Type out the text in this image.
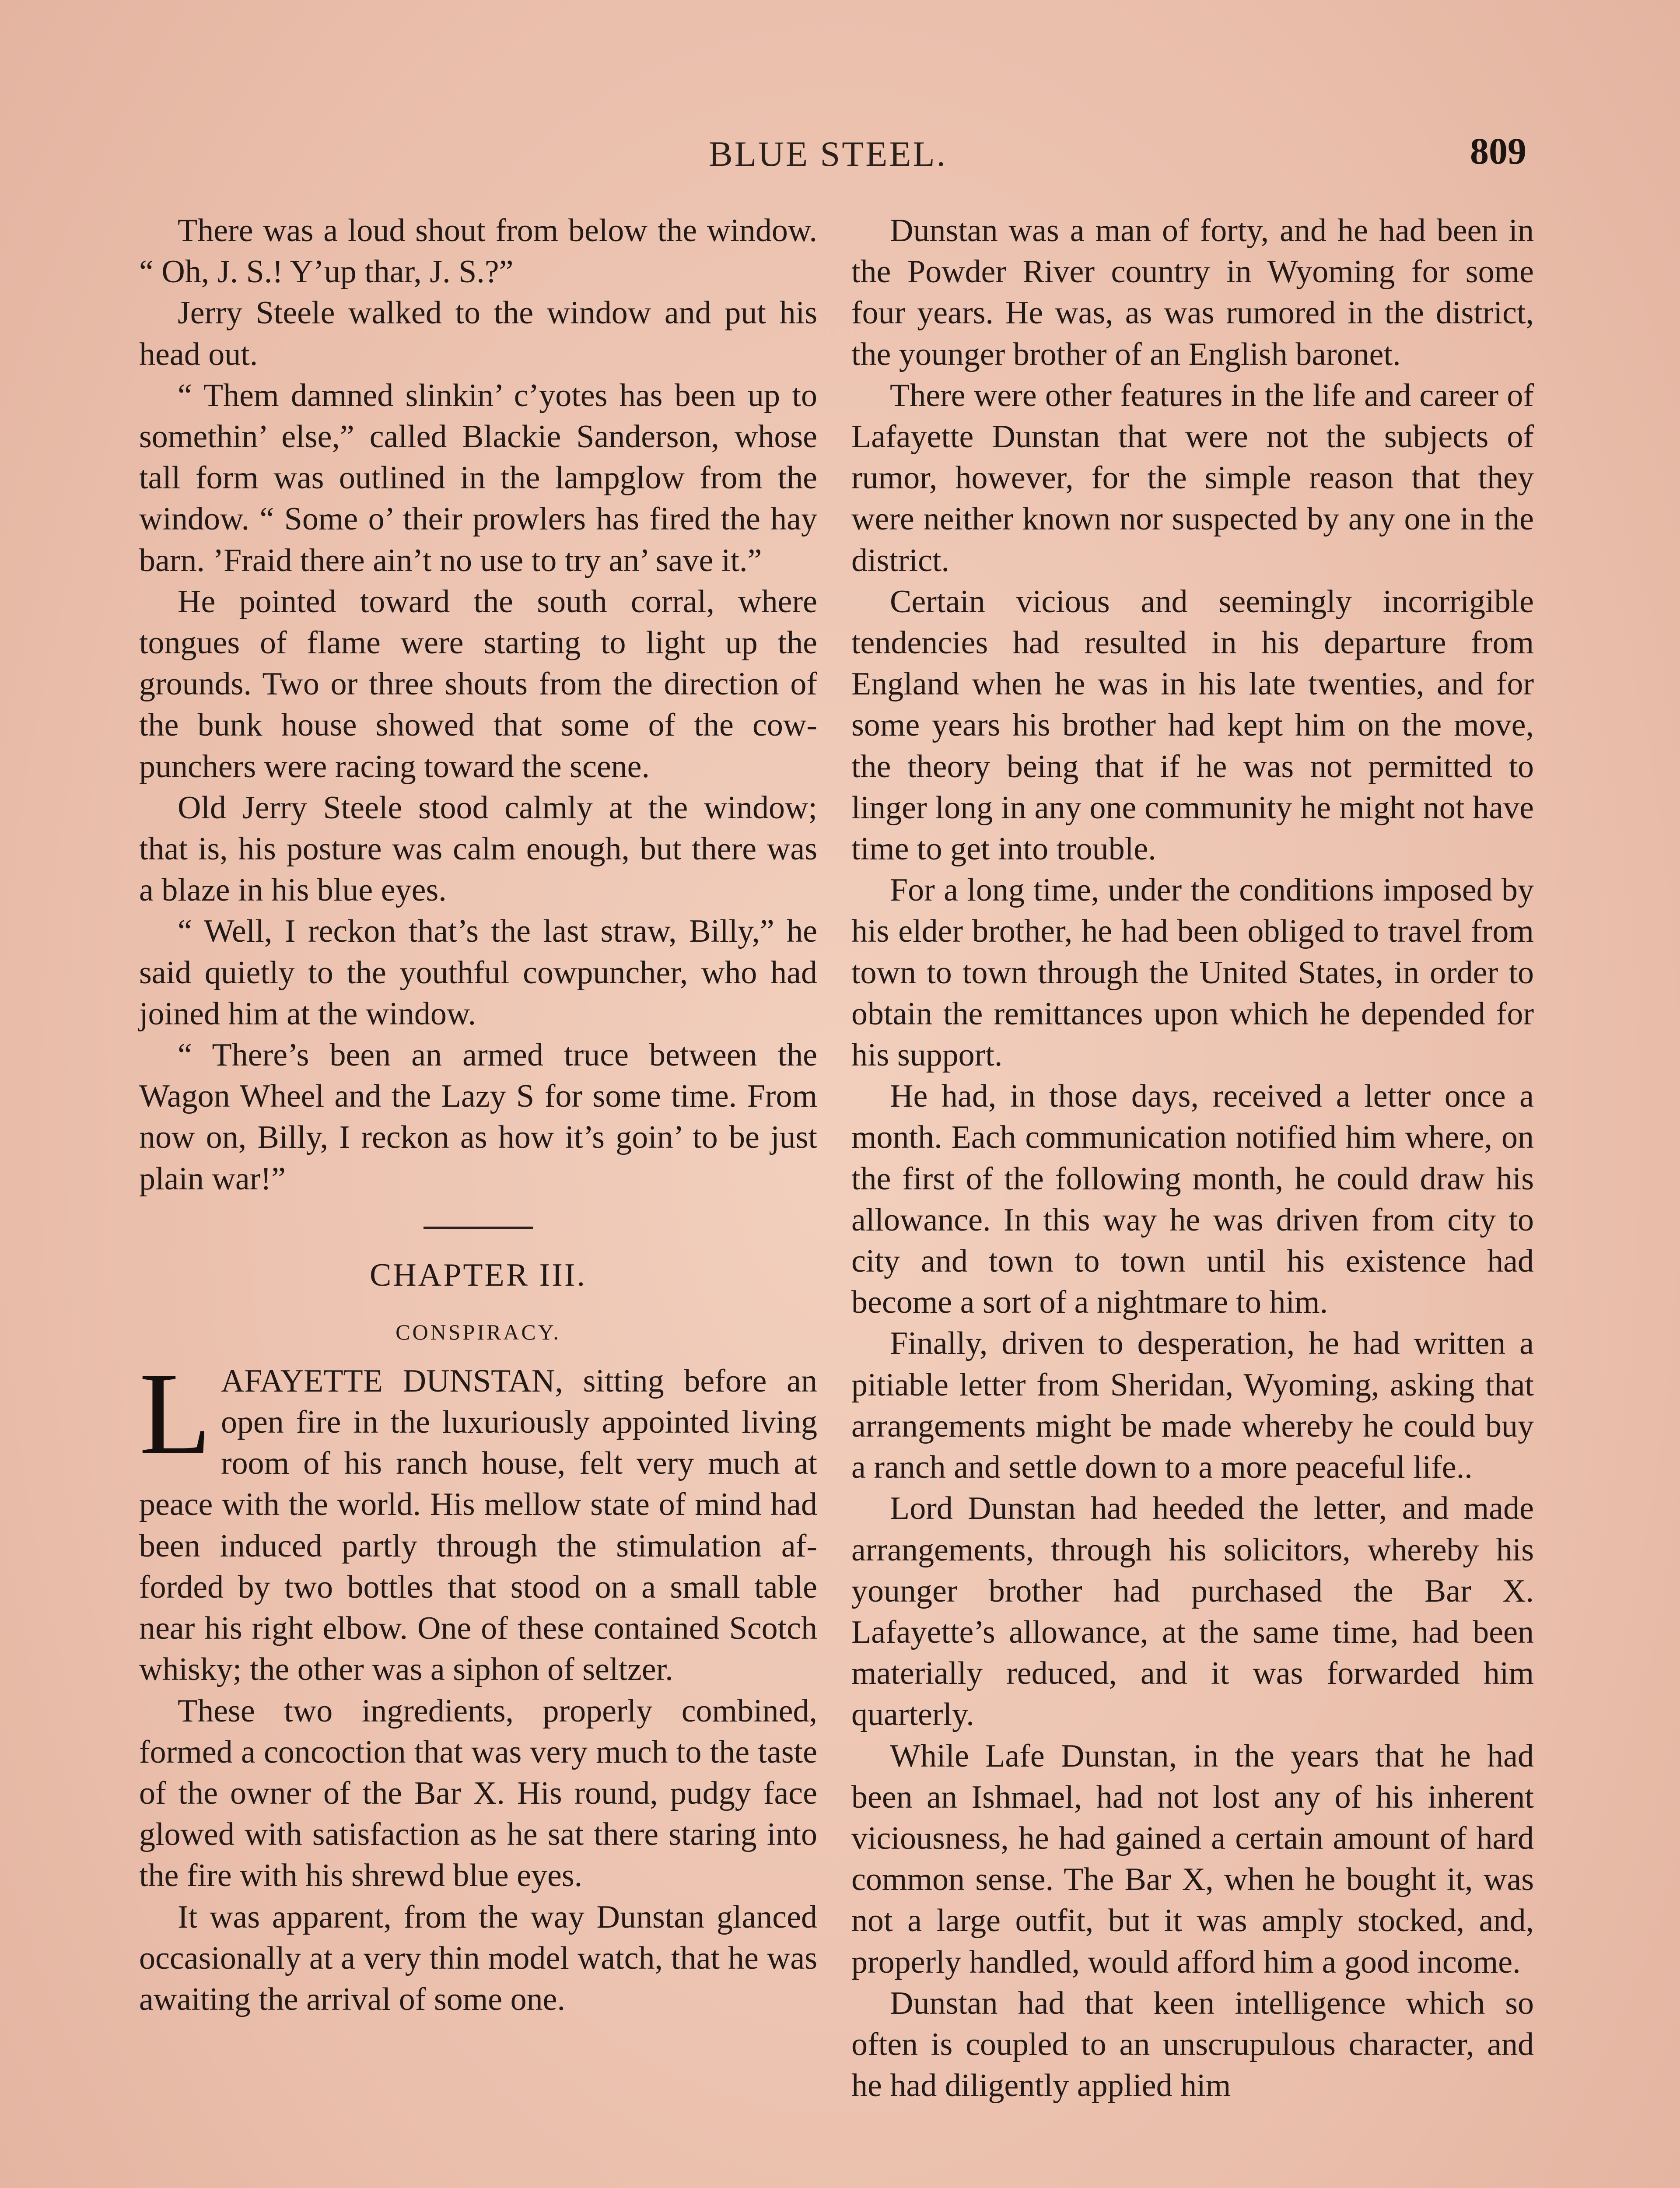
BLUE STEEL.	809

There was a loud shout from below the window. “ Oh, J. S.! Y’up thar, J. S.?”

Jerry Steele walked to the window and put his head out.

“ Them damned slinkin’ c’yotes has been up to somethin’ else,” called Blackie Sanderson, whose tall form was outlined in the lampglow from the window. “ Some o’ their prowlers has fired the hay barn. ’Fraid there ain’t no use to try an’ save it.”

He pointed toward the south corral, where tongues of flame were starting to light up the grounds. Two or three shouts from the direction of the bunk house showed that some of the cow-punchers were racing toward the scene.

Old Jerry Steele stood calmly at the window; that is, his posture was calm enough, but there was a blaze in his blue eyes.

“ Well, I reckon that’s the last straw, Billy,” he said quietly to the youthful cowpuncher, who had joined him at the window.

“ There’s been an armed truce between the Wagon Wheel and the Lazy S for some time. From now on, Billy, I reckon as how it’s goin’ to be just plain war!”

CHAPTER III.
CONSPIRACY.

LAFAYETTE DUNSTAN, sitting before an open fire in the luxuriously appointed living room of his ranch house, felt very much at peace with the world. His mellow state of mind had been induced partly through the stimulation afforded by two bottles that stood on a small table near his right elbow. One of these contained Scotch whisky; the other was a siphon of seltzer.

These two ingredients, properly combined, formed a concoction that was very much to the taste of the owner of the Bar X. His round, pudgy face glowed with satisfaction as he sat there staring into the fire with his shrewd blue eyes.

It was apparent, from the way Dunstan glanced occasionally at a very thin model watch, that he was awaiting the arrival of some one.

Dunstan was a man of forty, and he had been in the Powder River country in Wyoming for some four years. He was, as was rumored in the district, the younger brother of an English baronet.

There were other features in the life and career of Lafayette Dunstan that were not the subjects of rumor, however, for the simple reason that they were neither known nor suspected by any one in the district.

Certain vicious and seemingly incorrigible tendencies had resulted in his departure from England when he was in his late twenties, and for some years his brother had kept him on the move, the theory being that if he was not permitted to linger long in any one community he might not have time to get into trouble.

For a long time, under the conditions imposed by his elder brother, he had been obliged to travel from town to town through the United States, in order to obtain the remittances upon which he depended for his support.

He had, in those days, received a letter once a month. Each communication notified him where, on the first of the following month, he could draw his allowance. In this way he was driven from city to city and town to town until his existence had become a sort of a nightmare to him.

Finally, driven to desperation, he had written a pitiable letter from Sheridan, Wyoming, asking that arrangements might be made whereby he could buy a ranch and settle down to a more peaceful life..

Lord Dunstan had heeded the letter, and made arrangements, through his solicitors, whereby his younger brother had purchased the Bar X. Lafayette’s allowance, at the same time, had been materially reduced, and it was forwarded him quarterly.

While Lafe Dunstan, in the years that he had been an Ishmael, had not lost any of his inherent viciousness, he had gained a certain amount of hard common sense. The Bar X, when he bought it, was not a large outfit, but it was amply stocked, and, properly handled, would afford him a good income.

Dunstan had that keen intelligence which so often is coupled to an unscrupulous character, and he had diligently applied him
